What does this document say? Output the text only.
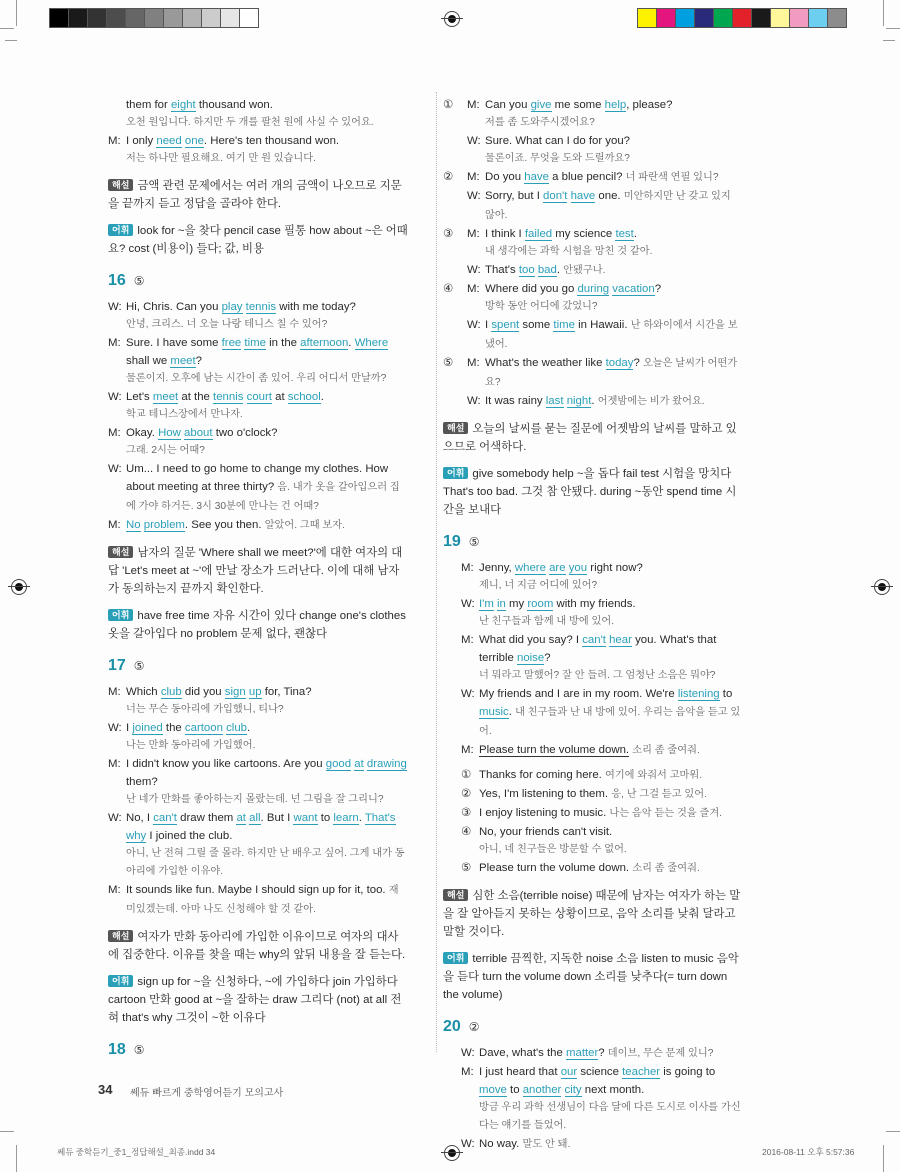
them for eight thousand won.
오천 원입니다. 하지만 두 개를 팔천 원에 사실 수 있어요.
M: I only need one. Here's ten thousand won.
저는 하나만 필요해요. 여기 만 원 있습니다.
해설 금액 관련 문제에서는 여러 개의 금액이 나오므로 지문을 끝까지 듣고 정답을 골라야 한다.
어휘 look for ~을 찾다 pencil case 필통 how about ~은 어때요? cost (비용이) 들다; 값, 비용
16 ⑤
W: Hi, Chris. Can you play tennis with me today?
안녕, 크리스. 너 오늘 나랑 테니스 칠 수 있어?
M: Sure. I have some free time in the afternoon. Where shall we meet?
물론이지. 오후에 남는 시간이 좀 있어. 우리 어디서 만날까?
W: Let's meet at the tennis court at school.
학교 테니스장에서 만나자.
M: Okay. How about two o'clock?
그래. 2시는 어때?
W: Um... I need to go home to change my clothes. How about meeting at three thirty? 음. 내가 옷을 갈아입으러 집에 가야 하거든. 3시 30분에 만나는 건 어때?
M: No problem. See you then. 알았어. 그때 보자.
해설 남자의 질문 'Where shall we meet?'에 대한 여자의 대답 'Let's meet at ~'에 만날 장소가 드러난다. 이에 대해 남자가 동의하는지 끝까지 확인한다.
어휘 have free time 자유 시간이 있다 change one's clothes 옷을 갈아입다 no problem 문제 없다, 괜찮다
17 ⑤
M: Which club did you sign up for, Tina?
너는 무슨 동아리에 가입했니, 티나?
W: I joined the cartoon club.
나는 만화 동아리에 가입했어.
M: I didn't know you like cartoons. Are you good at drawing them?
난 네가 만화를 좋아하는지 몰랐는데. 넌 그림을 잘 그리니?
W: No, I can't draw them at all. But I want to learn. That's why I joined the club.
아니, 난 전혀 그릴 줄 몰라. 하지만 난 배우고 싶어. 그게 내가 동아리에 가입한 이유야.
M: It sounds like fun. Maybe I should sign up for it, too. 재미있겠는데. 아마 나도 신청해야 할 것 같아.
해설 여자가 만화 동아리에 가입한 이유이므로 여자의 대사에 집중한다. 이유를 찾을 때는 why의 앞뒤 내용을 잘 듣는다.
어휘 sign up for ~을 신청하다, ~에 가입하다 join 가입하다 cartoon 만화 good at ~을 잘하는 draw 그리다 (not) at all 전혀 that's why 그것이 ~한 이유다
18 ⑤
①	M: Can you give me some help, please?
저를 좀 도와주시겠어요?
W: Sure. What can I do for you?
물론이죠. 무엇을 도와 드릴까요?
②	M: Do you have a blue pencil? 너 파란색 연필 있니?
W: Sorry, but I don't have one. 미안하지만 난 갖고 있지 않아.
③	M: I think I failed my science test.
내 생각에는 과학 시험을 망친 것 같아.
W: That's too bad. 안됐구나.
④	M: Where did you go during vacation?
방학 동안 어디에 갔었니?
W: I spent some time in Hawaii. 난 하와이에서 시간을 보냈어.
⑤	M: What's the weather like today? 오늘은 날씨가 어떤가요?
W: It was rainy last night. 어젯밤에는 비가 왔어요.
해설 오늘의 날씨를 묻는 질문에 어젯밤의 날씨를 말하고 있으므로 어색하다.
어휘 give somebody help ~을 돕다 fail test 시험을 망치다 That's too bad. 그것 참 안됐다. during ~동안 spend time 시간을 보내다
19 ⑤
M: Jenny, where are you right now?
제니, 너 지금 어디에 있어?
W: I'm in my room with my friends.
난 친구들과 함께 내 방에 있어.
M: What did you say? I can't hear you. What's that terrible noise?
너 뭐라고 말했어? 잘 안 들려. 그 엄청난 소음은 뭐야?
W: My friends and I are in my room. We're listening to music. 내 친구들과 난 내 방에 있어. 우리는 음악을 듣고 있어.
M: Please turn the volume down. 소리 좀 줄여줘.
① Thanks for coming here. 여기에 와줘서 고마워.
② Yes, I'm listening to them. 응, 난 그걸 듣고 있어.
③ I enjoy listening to music. 나는 음악 듣는 것을 즐겨.
④ No, your friends can't visit.
아니, 네 친구들은 방문할 수 없어.
⑤ Please turn the volume down. 소리 좀 줄여줘.
해설 심한 소음(terrible noise) 때문에 남자는 여자가 하는 말을 잘 알아듣지 못하는 상황이므로, 음악 소리를 낮춰 달라고 말할 것이다.
어휘 terrible 끔찍한, 지독한 noise 소음 listen to music 음악을 듣다 turn the volume down 소리를 낮추다(= turn down the volume)
20 ②
W: Dave, what's the matter? 데이브, 무슨 문제 있니?
M: I just heard that our science teacher is going to move to another city next month.
방금 우리 과학 선생님이 다음 달에 다른 도시로 이사를 가신다는 얘기를 들었어.
W: No way. 말도 안 돼.
34 쎄듀 빠르게 중학영어듣기 모의고사
쎄듀 중학듣기_중1_정답해설_최종.indd 34	2016-08-11 오후 5:57:36
